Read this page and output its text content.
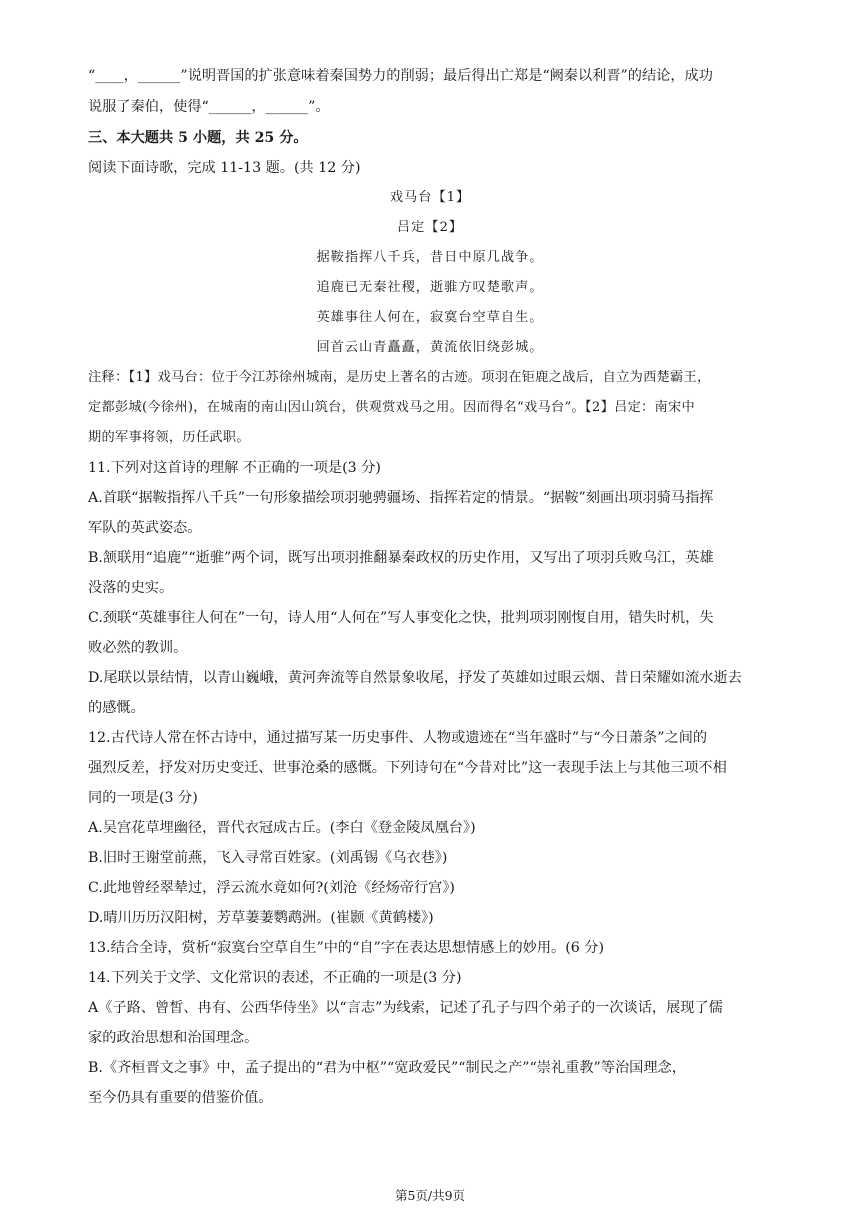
“____，______”说明晋国的扩张意味着秦国势力的削弱；最后得出亡郑是“阙秦以利晋”的结论，成功
说服了秦伯，使得“______，______”。
三、本大题共 5 小题，共 25 分。
阅读下面诗歌，完成 11-13 题。(共 12 分)
戏马台【1】
吕定【2】
据鞍指挥八千兵，昔日中原几战争。
追鹿已无秦社稷，逝骓方叹楚歌声。
英雄事往人何在，寂寞台空草自生。
回首云山青矗矗，黄流依旧绕彭城。
注释：【1】戏马台：位于今江苏徐州城南，是历史上著名的古迹。项羽在钜鹿之战后，自立为西楚霸王，
定都彭城(今徐州)，在城南的南山因山筑台，供观赏戏马之用。因而得名“戏马台”。【2】吕定：南宋中
期的军事将领，历任武职。
11.下列对这首诗的理解 不正确的一项是(3 分)
A.首联“据鞍指挥八千兵”一句形象描绘项羽驰骋疆场、指挥若定的情景。“据鞍”刻画出项羽骑马指挥
军队的英武姿态。
B.颔联用“追鹿”“逝骓”两个词，既写出项羽推翻暴秦政权的历史作用，又写出了项羽兵败乌江，英雄
没落的史实。
C.颈联“英雄事往人何在”一句，诗人用“人何在”写人事变化之快，批判项羽刚愎自用，错失时机，失
败必然的教训。
D.尾联以景结情，以青山巍峨，黄河奔流等自然景象收尾，抒发了英雄如过眼云烟、昔日荣耀如流水逝去
的感慨。
12.古代诗人常在怀古诗中，通过描写某一历史事件、人物或遗迹在“当年盛时”与“今日萧条”之间的
强烈反差，抒发对历史变迁、世事沧桑的感慨。下列诗句在“今昔对比”这一表现手法上与其他三项不相
同的一项是(3 分)
A.吴宫花草埋幽径，晋代衣冠成古丘。(李白《登金陵凤凰台》)
B.旧时王谢堂前燕，飞入寻常百姓家。(刘禹锡《乌衣巷》)
C.此地曾经翠辇过，浮云流水竟如何?(刘沧《经炀帝行宫》)
D.晴川历历汉阳树，芳草萋萋鹦鹉洲。(崔颢《黄鹤楼》)
13.结合全诗，赏析“寂寞台空草自生”中的“自”字在表达思想情感上的妙用。(6 分)
14.下列关于文学、文化常识的表述，不正确的一项是(3 分)
A《子路、曾皙、冉有、公西华侍坐》以“言志”为线索，记述了孔子与四个弟子的一次谈话，展现了儒
家的政治思想和治国理念。
B.《齐桓晋文之事》中，孟子提出的“君为中枢”“宽政爱民”“制民之产”“崇礼重教”等治国理念，
至今仍具有重要的借鉴价值。
第5页/共9页
